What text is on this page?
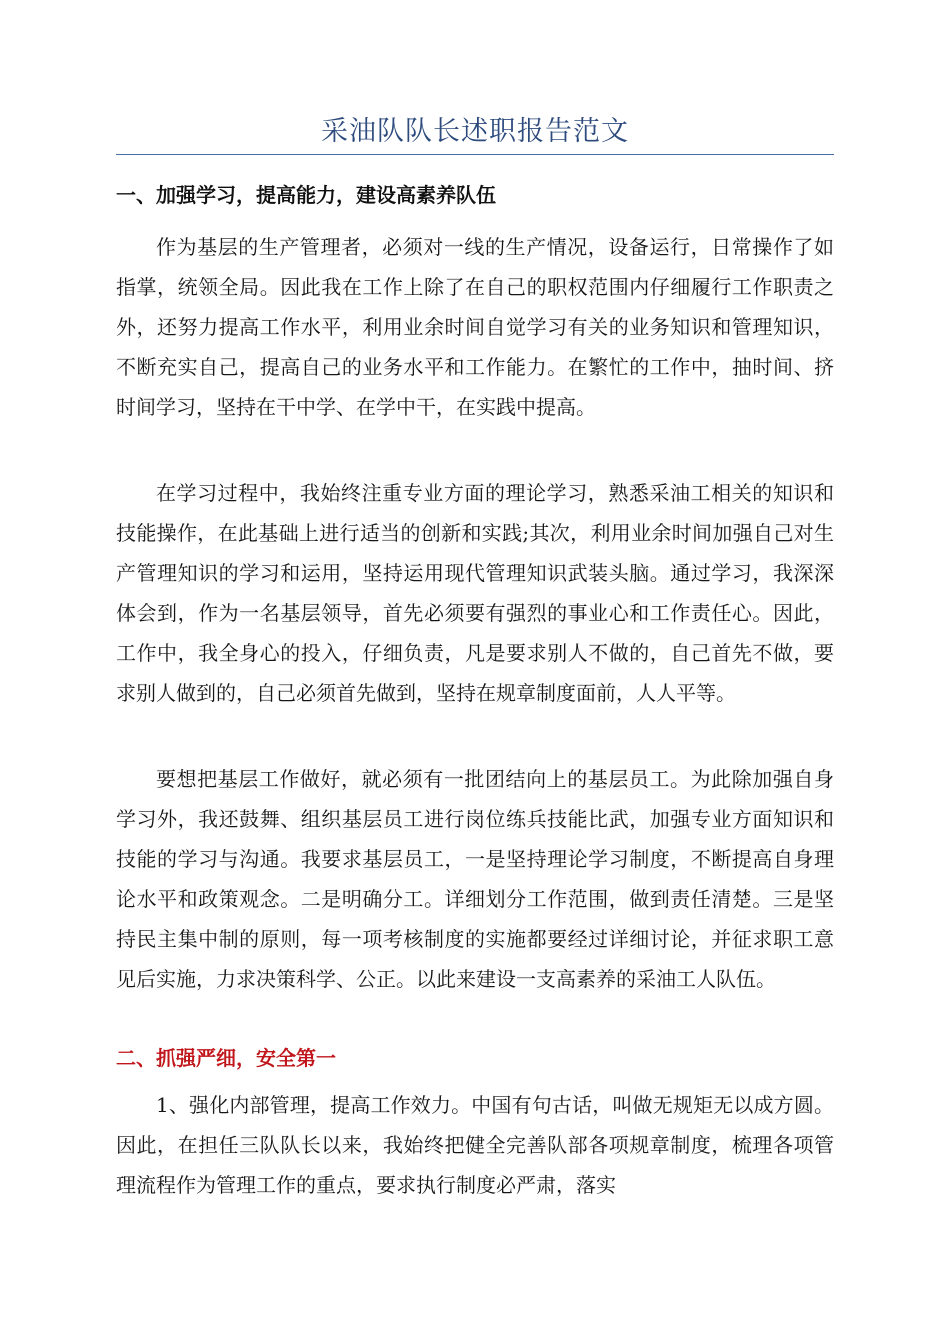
采油队队长述职报告范文
一、加强学习，提高能力，建设高素养队伍

作为基层的生产管理者，必须对一线的生产情况，设备运行，日常操作了如指掌，统领全局。因此我在工作上除了在自己的职权范围内仔细履行工作职责之外，还努力提高工作水平，利用业余时间自觉学习有关的业务知识和管理知识，不断充实自己，提高自己的业务水平和工作能力。在繁忙的工作中，抽时间、挤时间学习，坚持在干中学、在学中干，在实践中提高。

在学习过程中，我始终注重专业方面的理论学习，熟悉采油工相关的知识和技能操作，在此基础上进行适当的创新和实践;其次，利用业余时间加强自己对生产管理知识的学习和运用，坚持运用现代管理知识武装头脑。通过学习，我深深体会到，作为一名基层领导，首先必须要有强烈的事业心和工作责任心。因此，工作中，我全身心的投入，仔细负责，凡是要求别人不做的，自己首先不做，要求别人做到的，自己必须首先做到，坚持在规章制度面前，人人平等。

要想把基层工作做好，就必须有一批团结向上的基层员工。为此除加强自身学习外，我还鼓舞、组织基层员工进行岗位练兵技能比武，加强专业方面知识和技能的学习与沟通。我要求基层员工，一是坚持理论学习制度，不断提高自身理论水平和政策观念。二是明确分工。详细划分工作范围，做到责任清楚。三是坚持民主集中制的原则，每一项考核制度的实施都要经过详细讨论，并征求职工意见后实施，力求决策科学、公正。以此来建设一支高素养的采油工人队伍。

二、抓强严细，安全第一

1、强化内部管理，提高工作效力。中国有句古话，叫做无规矩无以成方圆。因此，在担任三队队长以来，我始终把健全完善队部各项规章制度，梳理各项管理流程作为管理工作的重点，要求执行制度必严肃，落实
